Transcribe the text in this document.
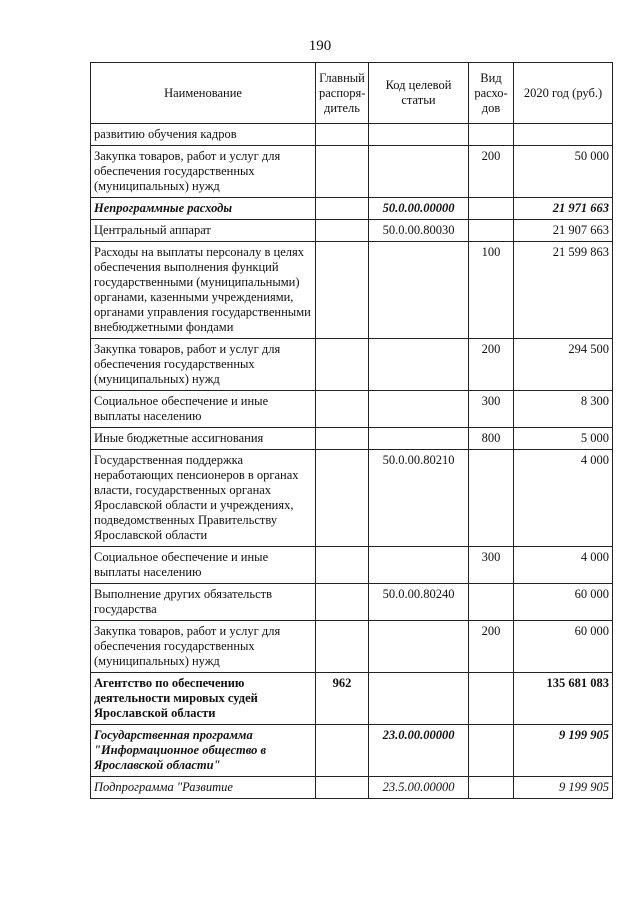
190
Наименование	Главный распоря-дитель	Код целевой статьи	Вид расхо-дов	2020 год (руб.)
развитию обучения кадров				
Закупка товаров, работ и услуг для обеспечения государственных (муниципальных) нужд			200	50 000
Непрограммные расходы		50.0.00.00000		21 971 663
Центральный аппарат		50.0.00.80030		21 907 663
Расходы на выплаты персоналу в целях обеспечения выполнения функций государственными (муниципальными) органами, казенными учреждениями, органами управления государственными внебюджетными фондами			100	21 599 863
Закупка товаров, работ и услуг для обеспечения государственных (муниципальных) нужд			200	294 500
Социальное обеспечение и иные выплаты населению			300	8 300
Иные бюджетные ассигнования			800	5 000
Государственная поддержка неработающих пенсионеров в органах власти, государственных органах Ярославской области и учреждениях, подведомственных Правительству Ярославской области		50.0.00.80210		4 000
Социальное обеспечение и иные выплаты населению			300	4 000
Выполнение других обязательств государства		50.0.00.80240		60 000
Закупка товаров, работ и услуг для обеспечения государственных (муниципальных) нужд			200	60 000
Агентство по обеспечению деятельности мировых судей Ярославской области	962			135 681 083
Государственная программа "Информационное общество в Ярославской области"		23.0.00.00000		9 199 905
Подпрограмма "Развитие		23.5.00.00000		9 199 905
